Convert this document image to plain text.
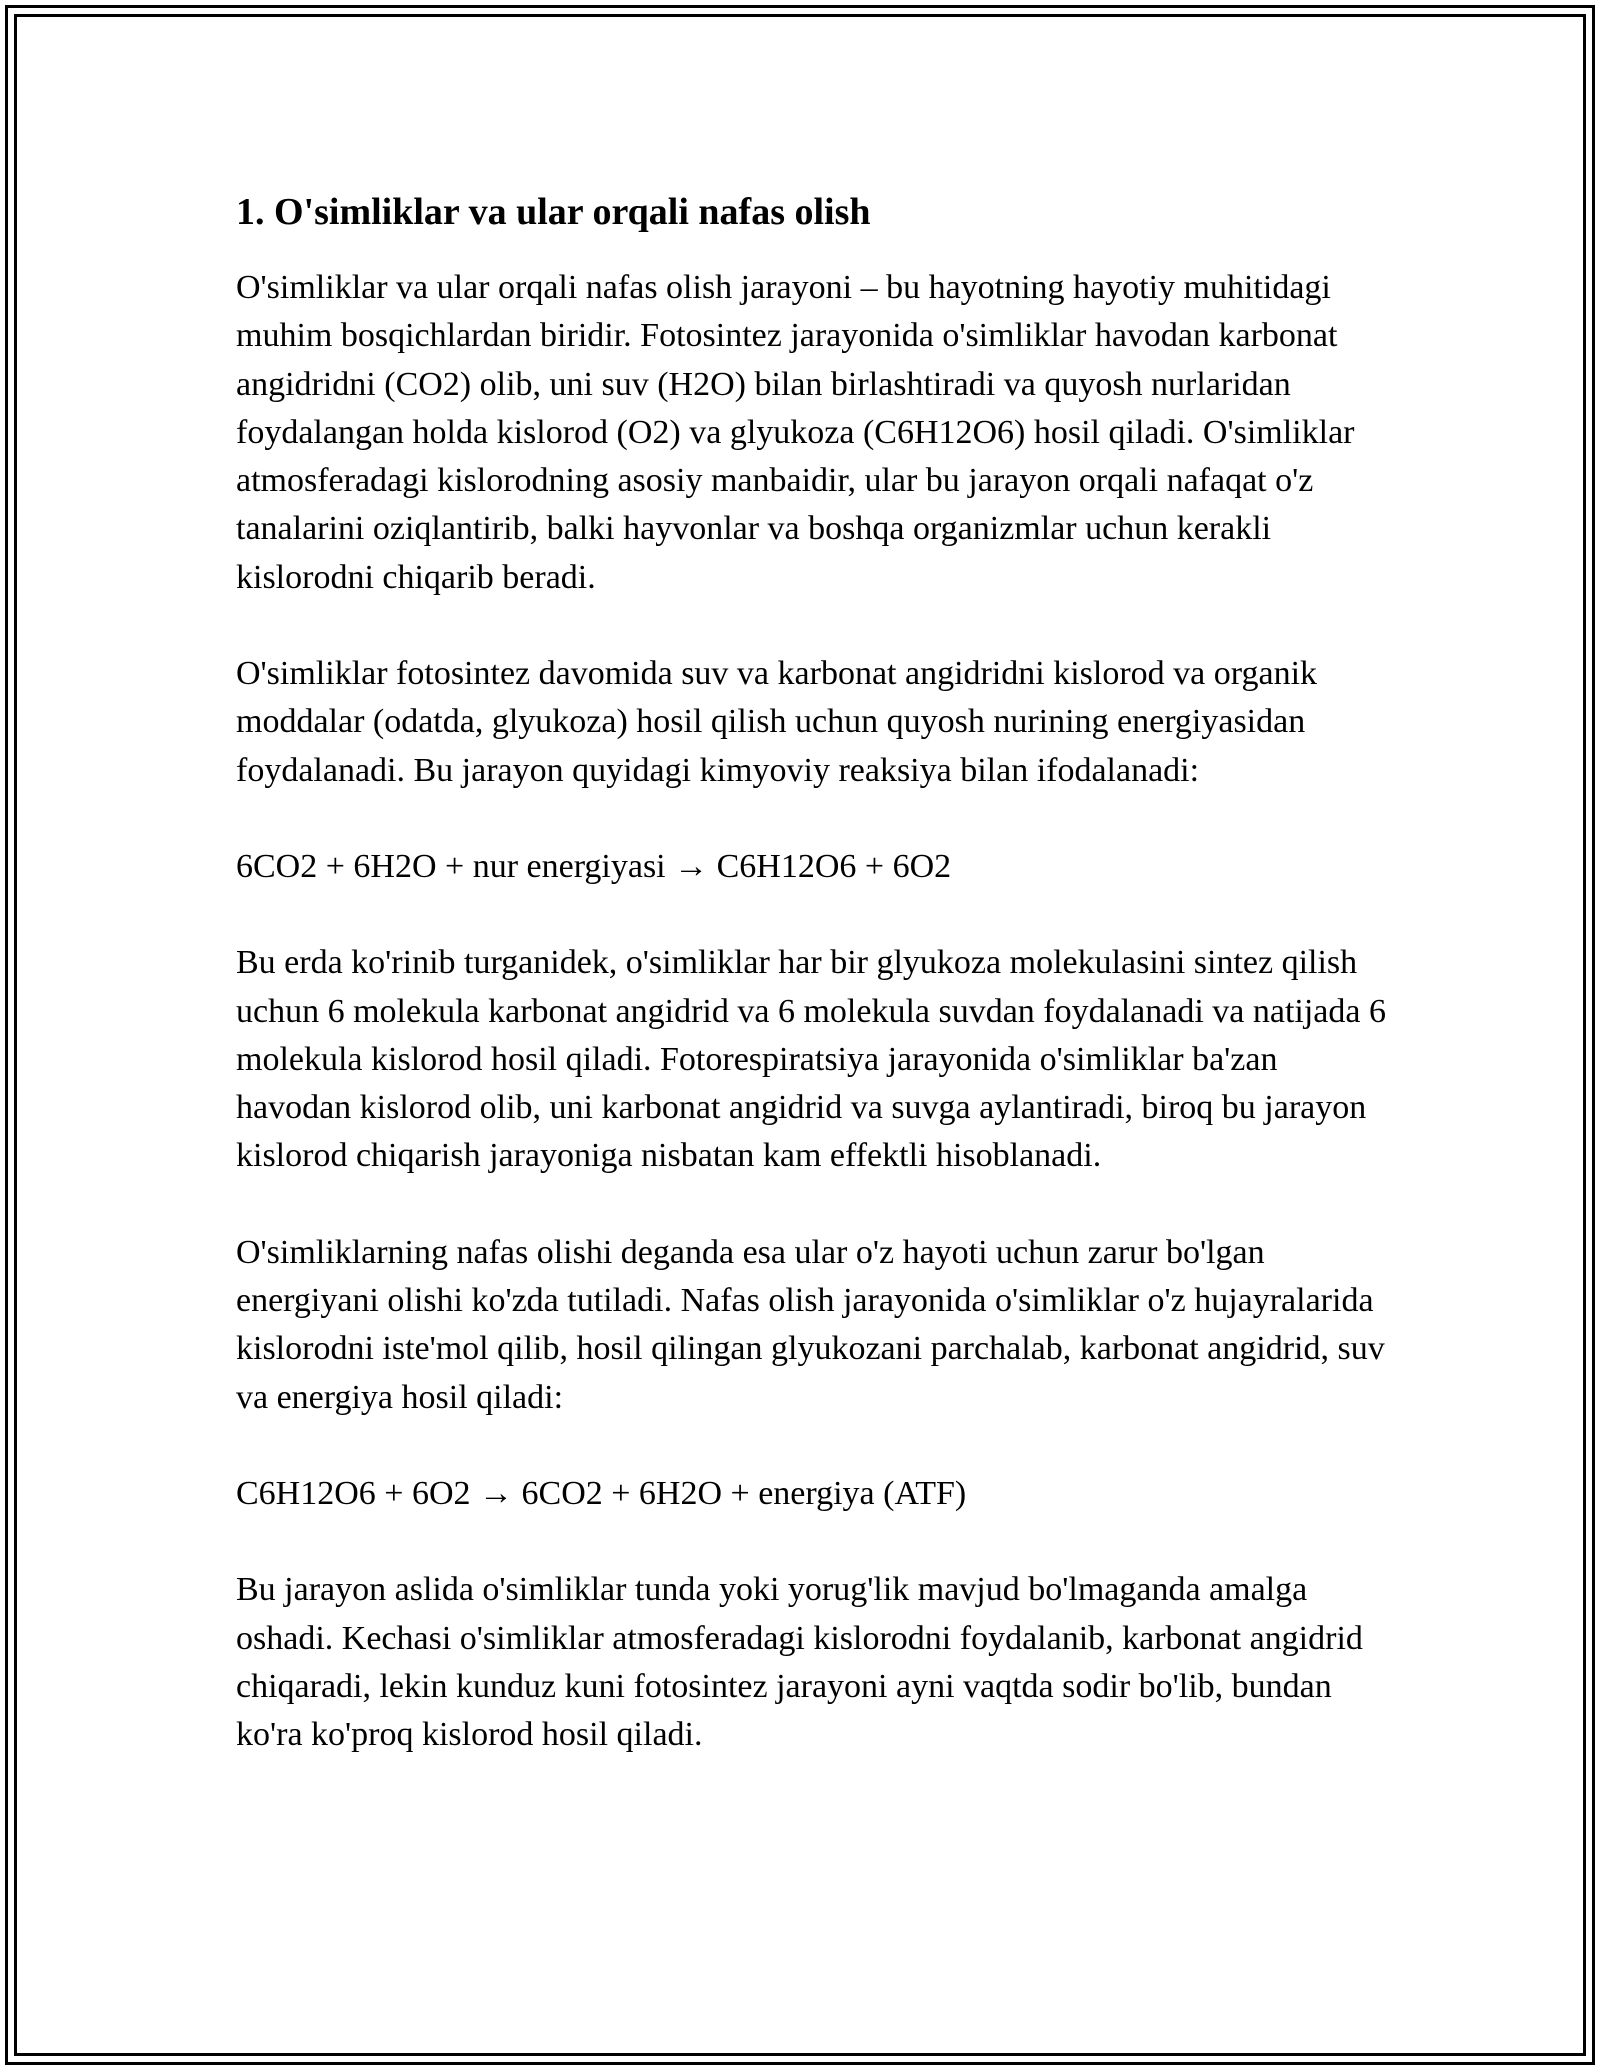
1. O'simliklar va ular orqali nafas olish

O'simliklar va ular orqali nafas olish jarayoni – bu hayotning hayotiy muhitidagi muhim bosqichlardan biridir. Fotosintez jarayonida o'simliklar havodan karbonat angidridni (CO2) olib, uni suv (H2O) bilan birlashtiradi va quyosh nurlaridan foydalangan holda kislorod (O2) va glyukoza (C6H12O6) hosil qiladi. O'simliklar atmosferadagi kislorodning asosiy manbaidir, ular bu jarayon orqali nafaqat o'z tanalarini oziqlantirib, balki hayvonlar va boshqa organizmlar uchun kerakli kislorodni chiqarib beradi.

O'simliklar fotosintez davomida suv va karbonat angidridni kislorod va organik moddalar (odatda, glyukoza) hosil qilish uchun quyosh nurining energiyasidan foydalanadi. Bu jarayon quyidagi kimyoviy reaksiya bilan ifodalanadi:

6CO2 + 6H2O + nur energiyasi → C6H12O6 + 6O2

Bu erda ko'rinib turganidek, o'simliklar har bir glyukoza molekulasini sintez qilish uchun 6 molekula karbonat angidrid va 6 molekula suvdan foydalanadi va natijada 6 molekula kislorod hosil qiladi. Fotorespiratsiya jarayonida o'simliklar ba'zan havodan kislorod olib, uni karbonat angidrid va suvga aylantiradi, biroq bu jarayon kislorod chiqarish jarayoniga nisbatan kam effektli hisoblanadi.

O'simliklarning nafas olishi deganda esa ular o'z hayoti uchun zarur bo'lgan energiyani olishi ko'zda tutiladi. Nafas olish jarayonida o'simliklar o'z hujayralarida kislorodni iste'mol qilib, hosil qilingan glyukozani parchalab, karbonat angidrid, suv va energiya hosil qiladi:

C6H12O6 + 6O2 → 6CO2 + 6H2O + energiya (ATF)

Bu jarayon aslida o'simliklar tunda yoki yorug'lik mavjud bo'lmaganda amalga oshadi. Kechasi o'simliklar atmosferadagi kislorodni foydalanib, karbonat angidrid chiqaradi, lekin kunduz kuni fotosintez jarayoni ayni vaqtda sodir bo'lib, bundan ko'ra ko'proq kislorod hosil qiladi.
